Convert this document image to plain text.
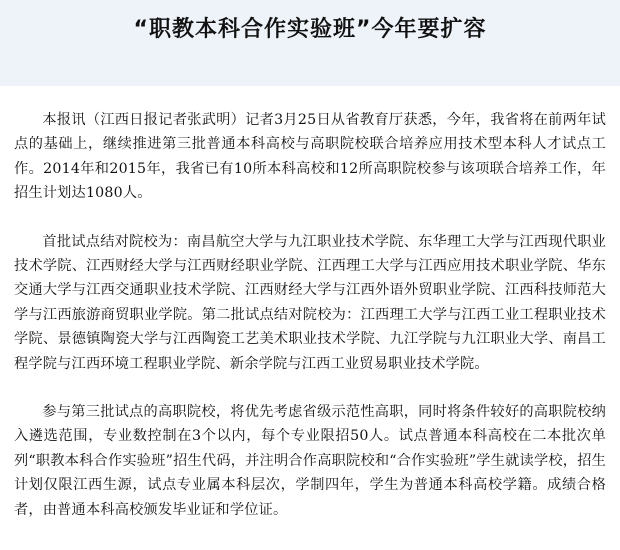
“职教本科合作实验班”今年要扩容

本报讯（江西日报记者张武明）记者3月25日从省教育厅获悉，今年，我省将在前两年试点的基础上，继续推进第三批普通本科高校与高职院校联合培养应用技术型本科人才试点工作。2014年和2015年，我省已有10所本科高校和12所高职院校参与该项联合培养工作，年招生计划达1080人。

首批试点结对院校为：南昌航空大学与九江职业技术学院、东华理工大学与江西现代职业技术学院、江西财经大学与江西财经职业学院、江西理工大学与江西应用技术职业学院、华东交通大学与江西交通职业技术学院、江西财经大学与江西外语外贸职业学院、江西科技师范大学与江西旅游商贸职业学院。第二批试点结对院校为：江西理工大学与江西工业工程职业技术学院、景德镇陶瓷大学与江西陶瓷工艺美术职业技术学院、九江学院与九江职业大学、南昌工程学院与江西环境工程职业学院、新余学院与江西工业贸易职业技术学院。

参与第三批试点的高职院校，将优先考虑省级示范性高职，同时将条件较好的高职院校纳入遴选范围，专业数控制在3个以内，每个专业限招50人。试点普通本科高校在二本批次单列“职教本科合作实验班”招生代码，并注明合作高职院校和“合作实验班”学生就读学校，招生计划仅限江西生源，试点专业属本科层次，学制四年，学生为普通本科高校学籍。成绩合格者，由普通本科高校颁发毕业证和学位证。
